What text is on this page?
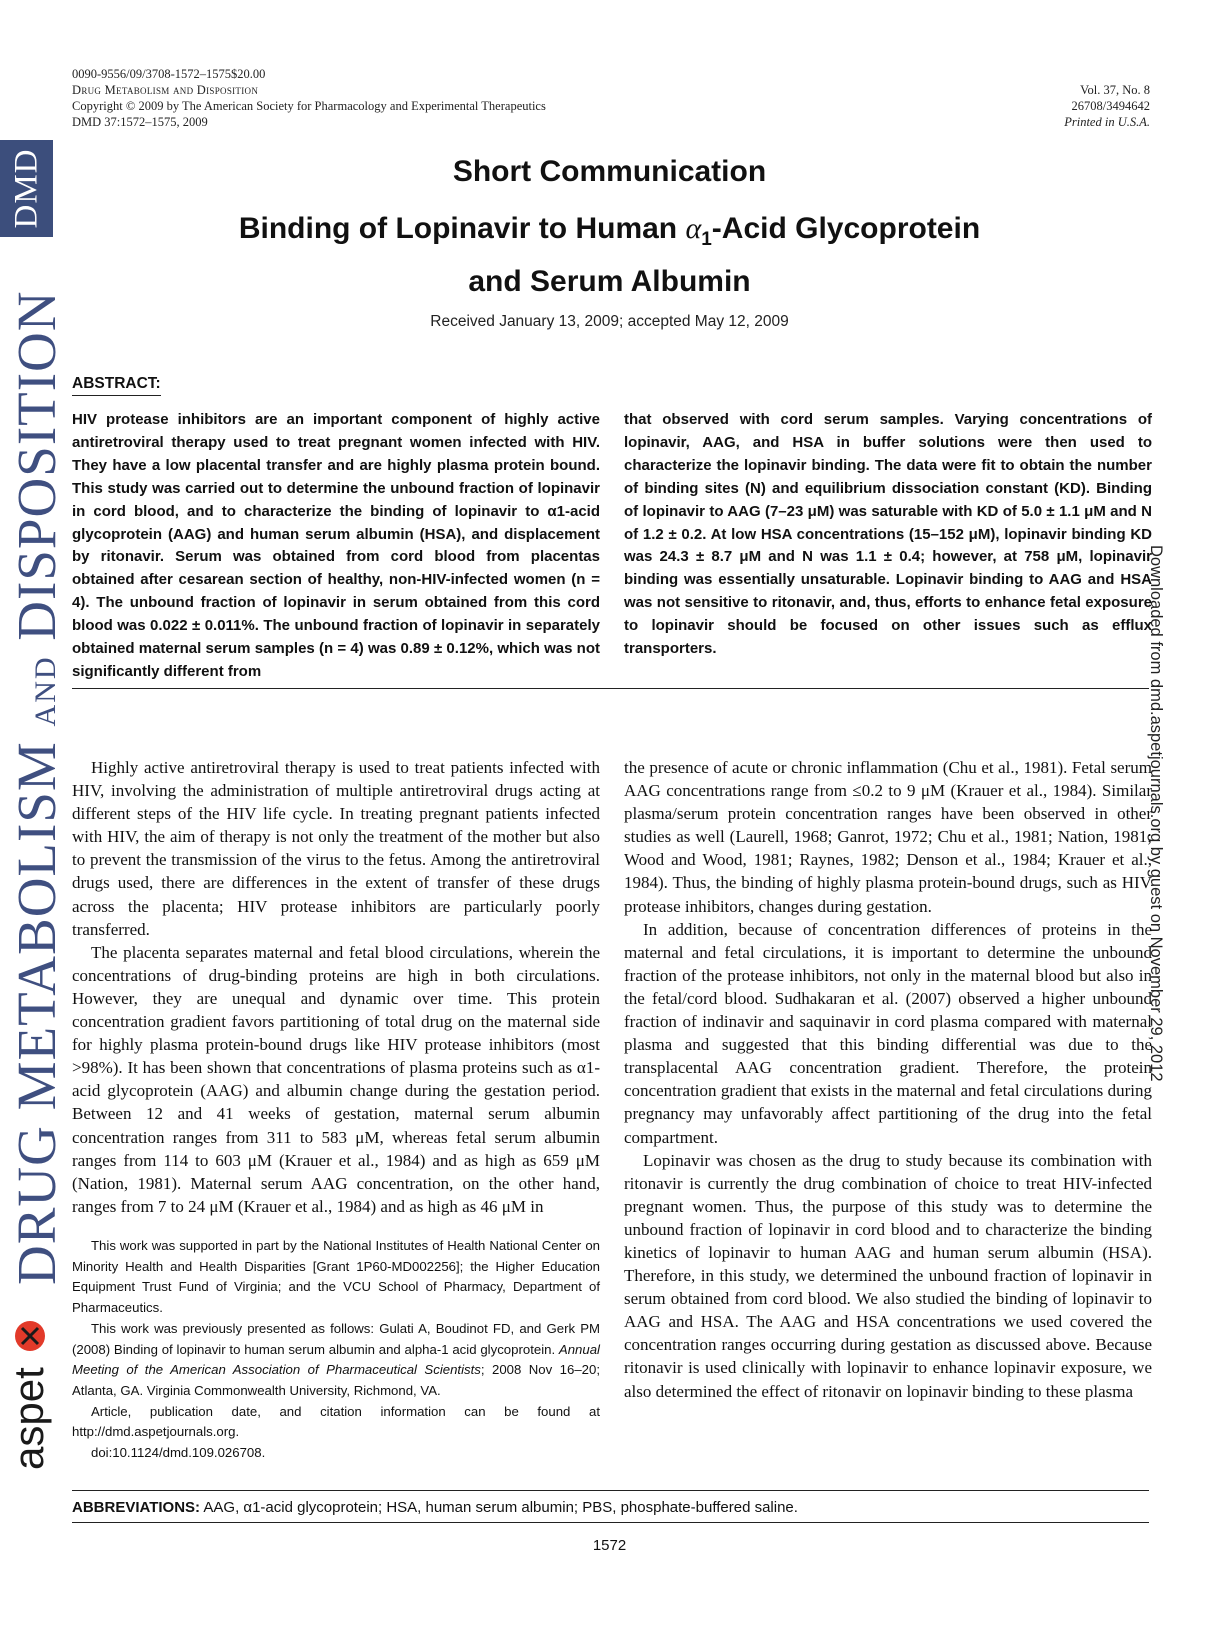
0090-9556/09/3708-1572–1575$20.00
Drug Metabolism and Disposition
Copyright © 2009 by The American Society for Pharmacology and Experimental Therapeutics
DMD 37:1572–1575, 2009
Vol. 37, No. 8
26708/3494642
Printed in U.S.A.
DMD
DRUG METABOLISM AND DISPOSITION
aspet
Downloaded from dmd.aspetjournals.org by guest on November 29, 2012
Short Communication
Binding of Lopinavir to Human $\alpha_1$-Acid Glycoprotein
and Serum Albumin
Received January 13, 2009; accepted May 12, 2009
ABSTRACT:
HIV protease inhibitors are an important component of highly active antiretroviral therapy used to treat pregnant women infected with HIV. They have a low placental transfer and are highly plasma protein bound. This study was carried out to determine the unbound fraction of lopinavir in cord blood, and to characterize the binding of lopinavir to α1-acid glycoprotein (AAG) and human serum albumin (HSA), and displacement by ritonavir. Serum was obtained from cord blood from placentas obtained after cesarean section of healthy, non-HIV-infected women (n = 4). The unbound fraction of lopinavir in serum obtained from this cord blood was 0.022 ± 0.011%. The unbound fraction of lopinavir in separately obtained maternal serum samples (n = 4) was 0.89 ± 0.12%, which was not significantly different from
that observed with cord serum samples. Varying concentrations of lopinavir, AAG, and HSA in buffer solutions were then used to characterize the lopinavir binding. The data were fit to obtain the number of binding sites (N) and equilibrium dissociation constant (KD). Binding of lopinavir to AAG (7–23 μM) was saturable with KD of 5.0 ± 1.1 μM and N of 1.2 ± 0.2. At low HSA concentrations (15–152 μM), lopinavir binding KD was 24.3 ± 8.7 μM and N was 1.1 ± 0.4; however, at 758 μM, lopinavir binding was essentially unsaturable. Lopinavir binding to AAG and HSA was not sensitive to ritonavir, and, thus, efforts to enhance fetal exposure to lopinavir should be focused on other issues such as efflux transporters.

Highly active antiretroviral therapy is used to treat patients infected with HIV, involving the administration of multiple antiretroviral drugs acting at different steps of the HIV life cycle. In treating pregnant patients infected with HIV, the aim of therapy is not only the treatment of the mother but also to prevent the transmission of the virus to the fetus. Among the antiretroviral drugs used, there are differences in the extent of transfer of these drugs across the placenta; HIV protease inhibitors are particularly poorly transferred.

The placenta separates maternal and fetal blood circulations, wherein the concentrations of drug-binding proteins are high in both circulations. However, they are unequal and dynamic over time. This protein concentration gradient favors partitioning of total drug on the maternal side for highly plasma protein-bound drugs like HIV protease inhibitors (most >98%). It has been shown that concentrations of plasma proteins such as α1-acid glycoprotein (AAG) and albumin change during the gestation period. Between 12 and 41 weeks of gestation, maternal serum albumin concentration ranges from 311 to 583 μM, whereas fetal serum albumin ranges from 114 to 603 μM (Krauer et al., 1984) and as high as 659 μM (Nation, 1981). Maternal serum AAG concentration, on the other hand, ranges from 7 to 24 μM (Krauer et al., 1984) and as high as 46 μM in

the presence of acute or chronic inflammation (Chu et al., 1981). Fetal serum AAG concentrations range from ≤0.2 to 9 μM (Krauer et al., 1984). Similar plasma/serum protein concentration ranges have been observed in other studies as well (Laurell, 1968; Ganrot, 1972; Chu et al., 1981; Nation, 1981; Wood and Wood, 1981; Raynes, 1982; Denson et al., 1984; Krauer et al., 1984). Thus, the binding of highly plasma protein-bound drugs, such as HIV protease inhibitors, changes during gestation.

In addition, because of concentration differences of proteins in the maternal and fetal circulations, it is important to determine the unbound fraction of the protease inhibitors, not only in the maternal blood but also in the fetal/cord blood. Sudhakaran et al. (2007) observed a higher unbound fraction of indinavir and saquinavir in cord plasma compared with maternal plasma and suggested that this binding differential was due to the transplacental AAG concentration gradient. Therefore, the protein concentration gradient that exists in the maternal and fetal circulations during pregnancy may unfavorably affect partitioning of the drug into the fetal compartment.

Lopinavir was chosen as the drug to study because its combination with ritonavir is currently the drug combination of choice to treat HIV-infected pregnant women. Thus, the purpose of this study was to determine the unbound fraction of lopinavir in cord blood and to characterize the binding kinetics of lopinavir to human AAG and human serum albumin (HSA). Therefore, in this study, we determined the unbound fraction of lopinavir in serum obtained from cord blood. We also studied the binding of lopinavir to AAG and HSA. The AAG and HSA concentrations we used covered the concentration ranges occurring during gestation as discussed above. Because ritonavir is used clinically with lopinavir to enhance lopinavir exposure, we also determined the effect of ritonavir on lopinavir binding to these plasma

This work was supported in part by the National Institutes of Health National Center on Minority Health and Health Disparities [Grant 1P60-MD002256]; the Higher Education Equipment Trust Fund of Virginia; and the VCU School of Pharmacy, Department of Pharmaceutics.

This work was previously presented as follows: Gulati A, Boudinot FD, and Gerk PM (2008) Binding of lopinavir to human serum albumin and alpha-1 acid glycoprotein. Annual Meeting of the American Association of Pharmaceutical Scientists; 2008 Nov 16–20; Atlanta, GA. Virginia Commonwealth University, Richmond, VA.

Article, publication date, and citation information can be found at http://dmd.aspetjournals.org.

doi:10.1124/dmd.109.026708.

ABBREVIATIONS: AAG, α1-acid glycoprotein; HSA, human serum albumin; PBS, phosphate-buffered saline.
1572
